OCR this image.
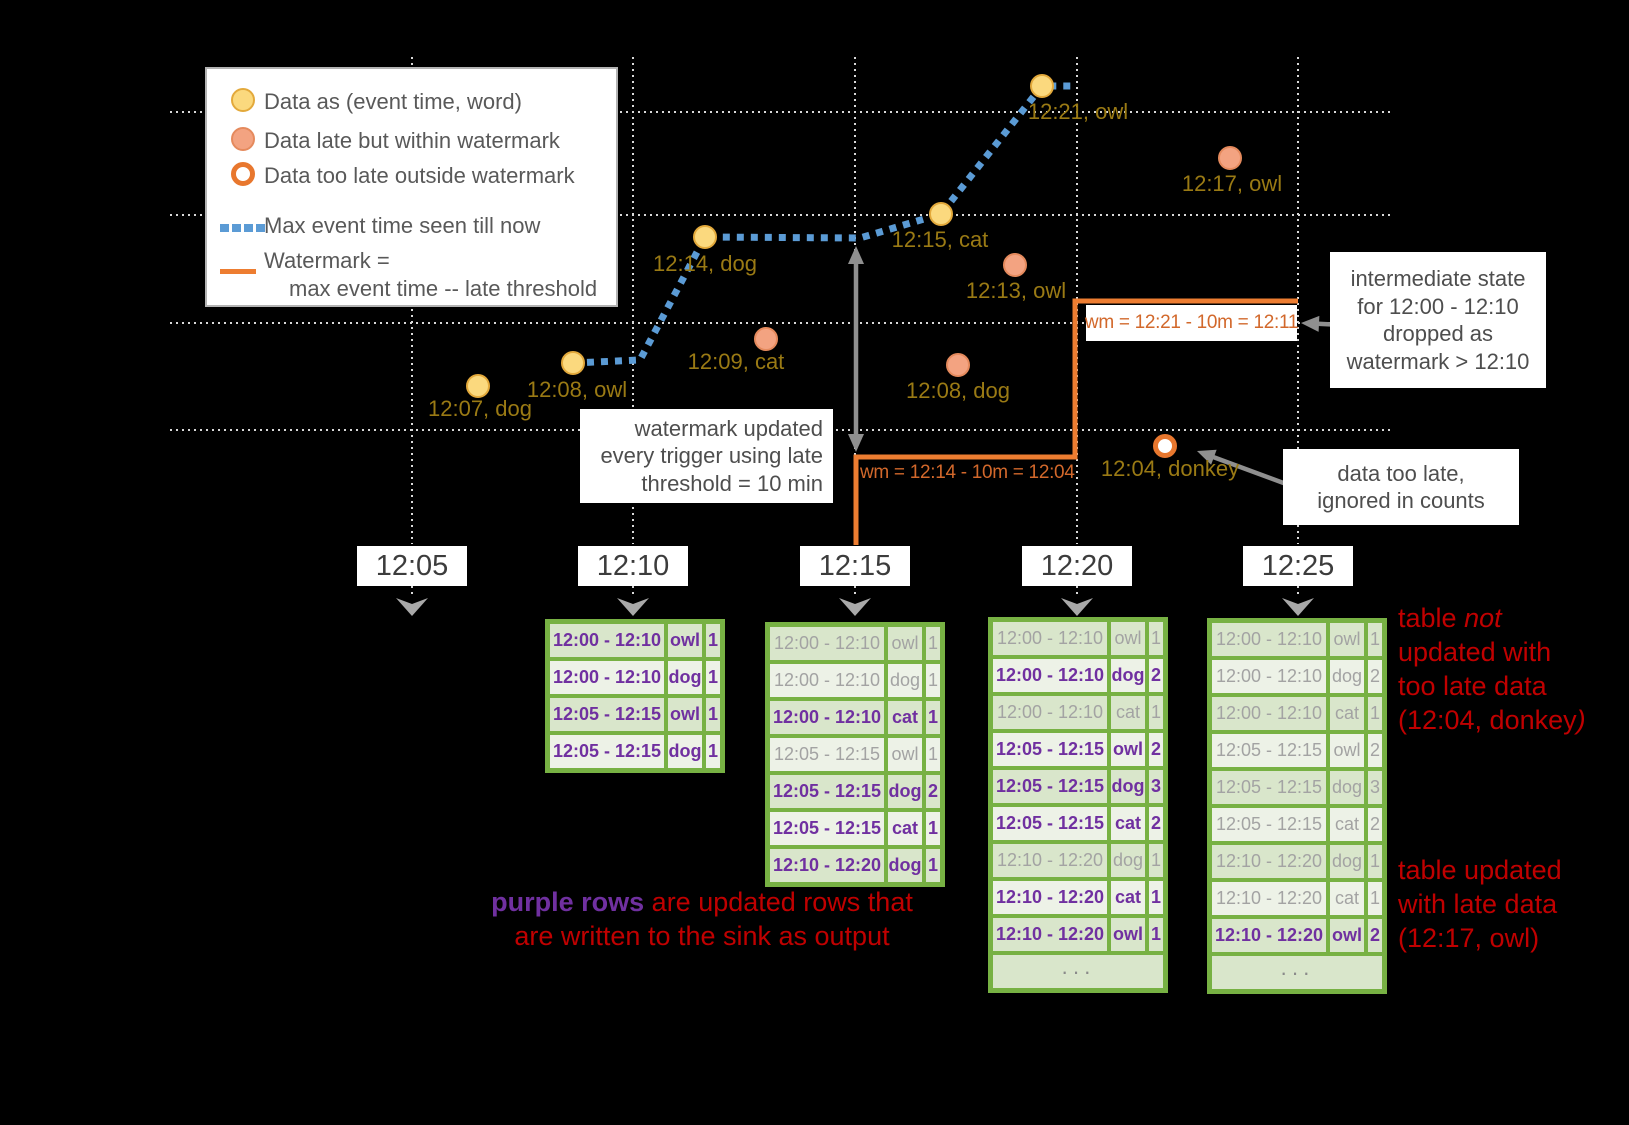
Data as (event time, word)
Data late but within watermark
Data too late outside watermark
Max event time seen till now
Watermark =
max event time -- late threshold
12:05	12:10	12:15	12:20	12:25
12:07, dog
12:08, owl
12:09, cat
12:14, dog
12:15, cat
12:21, owl
12:13, owl
12:08, dog
12:17, owl
12:04, donkey
wm = 12:14 - 10m = 12:04
wm = 12:21 - 10m = 12:11
watermark updated
every trigger using late
threshold = 10 min
intermediate state
for 12:00 - 12:10
dropped as
watermark > 12:10
data too late,
ignored in counts
table not
updated with
too late data
(12:04, donkey)
table updated
with late data
(12:17, owl)
purple rows are updated rows that
are written to the sink as output
12:00 - 12:10 owl 1
12:00 - 12:10 dog 1
12:05 - 12:15 owl 1
12:05 - 12:15 dog 1
12:00 - 12:10 owl 1
12:00 - 12:10 dog 1
12:00 - 12:10 cat 1
12:05 - 12:15 owl 1
12:05 - 12:15 dog 2
12:05 - 12:15 cat 1
12:10 - 12:20 dog 1
12:00 - 12:10 owl 1
12:00 - 12:10 dog 2
12:00 - 12:10 cat 1
12:05 - 12:15 owl 2
12:05 - 12:15 dog 3
12:05 - 12:15 cat 2
12:10 - 12:20 dog 1
12:10 - 12:20 cat 1
12:10 - 12:20 owl 1
···
12:00 - 12:10 owl 1
12:00 - 12:10 dog 2
12:00 - 12:10 cat 1
12:05 - 12:15 owl 2
12:05 - 12:15 dog 3
12:05 - 12:15 cat 2
12:10 - 12:20 dog 1
12:10 - 12:20 cat 1
12:10 - 12:20 owl 2
···
